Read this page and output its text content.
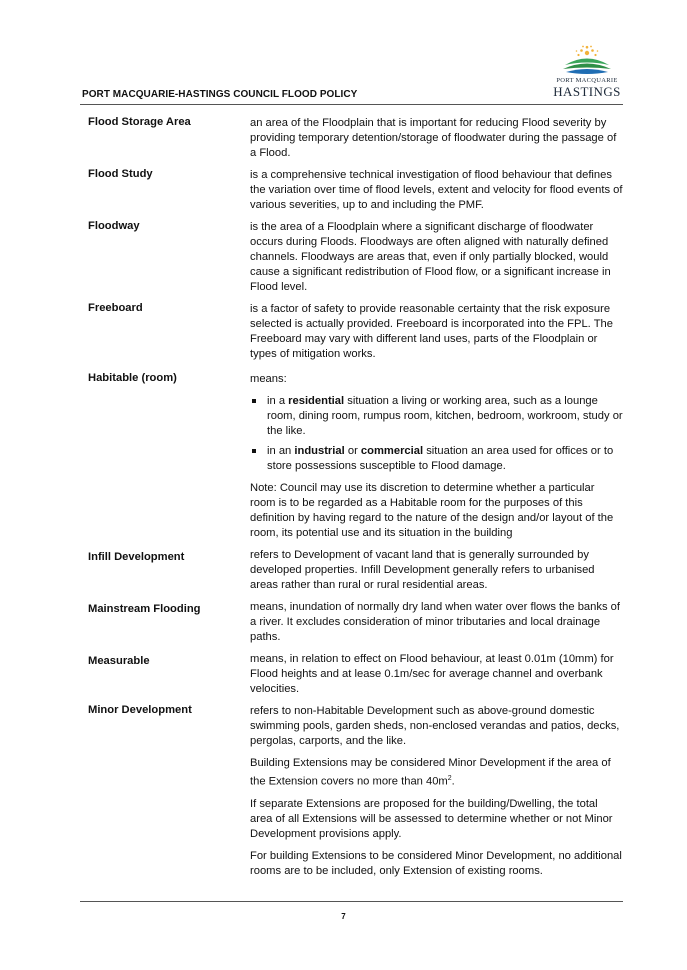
PORT MACQUARIE-HASTINGS COUNCIL FLOOD POLICY
PORT MACQUARIE
HASTINGS
Flood Storage Area	an area of the Floodplain that is important for reducing Flood severity by providing temporary detention/storage of floodwater during the passage of a Flood.

Flood Study	is a comprehensive technical investigation of flood behaviour that defines the variation over time of flood levels, extent and velocity for flood events of various severities, up to and including the PMF.

Floodway	is the area of a Floodplain where a significant discharge of floodwater occurs during Floods. Floodways are often aligned with naturally defined channels. Floodways are areas that, even if only partially blocked, would cause a significant redistribution of Flood flow, or a significant increase in Flood level.

Freeboard	is a factor of safety to provide reasonable certainty that the risk exposure selected is actually provided. Freeboard is incorporated into the FPL. The Freeboard may vary with different land uses, parts of the Floodplain or types of mitigation works.

Habitable (room)	means:

in a residential situation a living or working area, such as a lounge room, dining room, rumpus room, kitchen, bedroom, workroom, study or the like.
in an industrial or commercial situation an area used for offices or to store possessions susceptible to Flood damage.

Note: Council may use its discretion to determine whether a particular room is to be regarded as a Habitable room for the purposes of this definition by having regard to the nature of the design and/or layout of the room, its potential use and its situation in the building

Infill Development	refers to Development of vacant land that is generally surrounded by developed properties. Infill Development generally refers to urbanised areas rather than rural or rural residential areas.

Mainstream Flooding	means, inundation of normally dry land when water over flows the banks of a river. It excludes consideration of minor tributaries and local drainage paths.

Measurable	means, in relation to effect on Flood behaviour, at least 0.01m (10mm) for Flood heights and at lease 0.1m/sec for average channel and overbank velocities.

Minor Development	refers to non-Habitable Development such as above-ground domestic swimming pools, garden sheds, non-enclosed verandas and patios, decks, pergolas, carports, and the like.

Building Extensions may be considered Minor Development if the area of the Extension covers no more than $40m^2$.

If separate Extensions are proposed for the building/Dwelling, the total area of all Extensions will be assessed to determine whether or not Minor Development provisions apply.

For building Extensions to be considered Minor Development, no additional rooms are to be included, only Extension of existing rooms.

7
